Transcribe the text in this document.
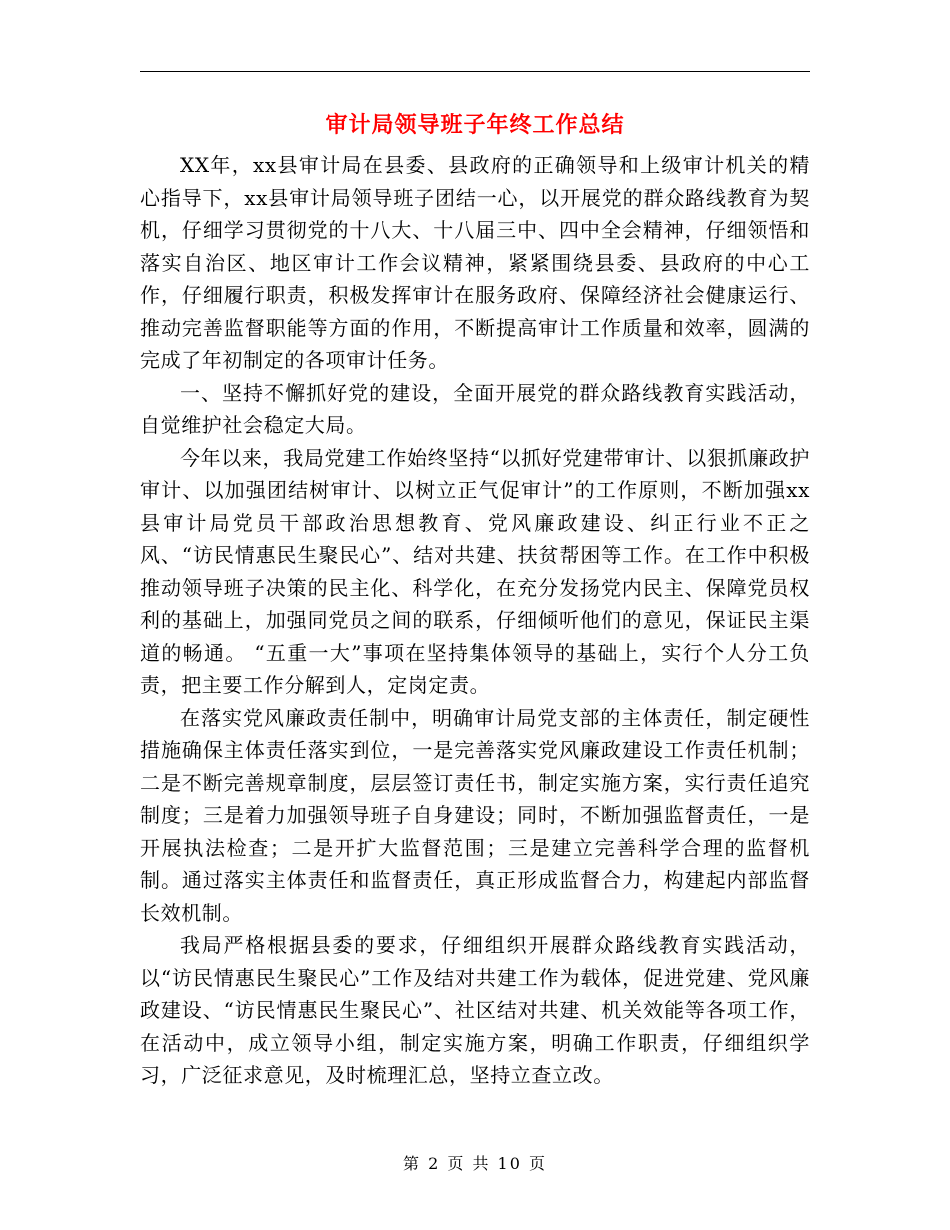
审计局领导班子年终工作总结

XX年，xx县审计局在县委、县政府的正确领导和上级审计机关的精心指导下，xx县审计局领导班子团结一心，以开展党的群众路线教育为契机，仔细学习贯彻党的十八大、十八届三中、四中全会精神，仔细领悟和落实自治区、地区审计工作会议精神，紧紧围绕县委、县政府的中心工作，仔细履行职责，积极发挥审计在服务政府、保障经济社会健康运行、推动完善监督职能等方面的作用，不断提高审计工作质量和效率，圆满的完成了年初制定的各项审计任务。

一、坚持不懈抓好党的建设，全面开展党的群众路线教育实践活动，自觉维护社会稳定大局。

今年以来，我局党建工作始终坚持“以抓好党建带审计、以狠抓廉政护审计、以加强团结树审计、以树立正气促审计”的工作原则，不断加强xx县审计局党员干部政治思想教育、党风廉政建设、纠正行业不正之风、“访民情惠民生聚民心”、结对共建、扶贫帮困等工作。在工作中积极推动领导班子决策的民主化、科学化，在充分发扬党内民主、保障党员权利的基础上，加强同党员之间的联系，仔细倾听他们的意见，保证民主渠道的畅通。 “五重一大”事项在坚持集体领导的基础上，实行个人分工负责，把主要工作分解到人，定岗定责。

在落实党风廉政责任制中，明确审计局党支部的主体责任，制定硬性措施确保主体责任落实到位，一是完善落实党风廉政建设工作责任机制；二是不断完善规章制度，层层签订责任书，制定实施方案，实行责任追究制度；三是着力加强领导班子自身建设；同时，不断加强监督责任，一是开展执法检查；二是开扩大监督范围；三是建立完善科学合理的监督机制。通过落实主体责任和监督责任，真正形成监督合力，构建起内部监督长效机制。

我局严格根据县委的要求，仔细组织开展群众路线教育实践活动，以“访民情惠民生聚民心”工作及结对共建工作为载体，促进党建、党风廉政建设、“访民情惠民生聚民心”、社区结对共建、机关效能等各项工作，在活动中，成立领导小组，制定实施方案，明确工作职责，仔细组织学习，广泛征求意见，及时梳理汇总，坚持立查立改。

第 2 页 共 10 页
